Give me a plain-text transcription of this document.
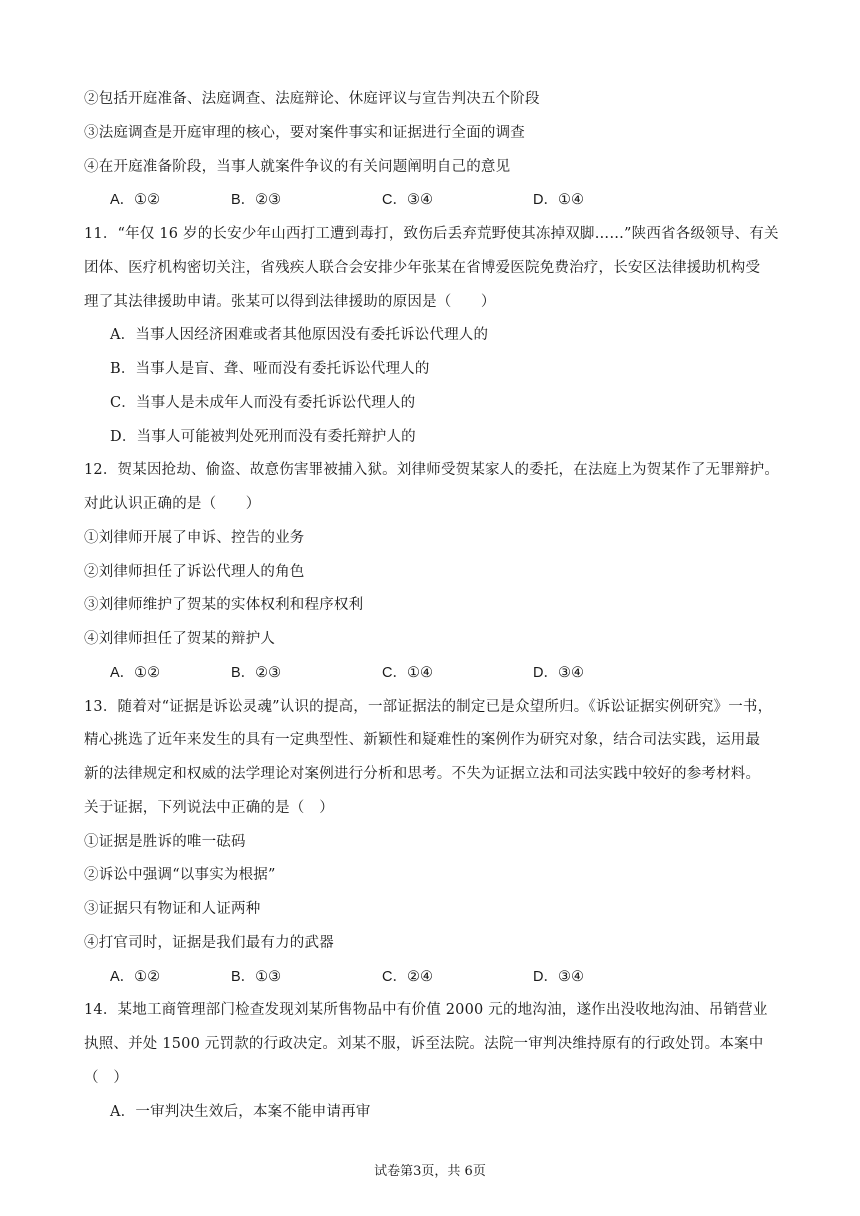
②包括开庭准备、法庭调查、法庭辩论、休庭评议与宣告判决五个阶段
③法庭调查是开庭审理的核心，要对案件事实和证据进行全面的调查
④在开庭准备阶段，当事人就案件争议的有关问题阐明自己的意见
A．①②	B．②③	C．③④	D．①④
11．“年仅 16 岁的长安少年山西打工遭到毒打，致伤后丢弃荒野使其冻掉双脚……”陕西省各级领导、有关
团体、医疗机构密切关注，省残疾人联合会安排少年张某在省博爱医院免费治疗，长安区法律援助机构受
理了其法律援助申请。张某可以得到法律援助的原因是（　　）
A．当事人因经济困难或者其他原因没有委托诉讼代理人的
B．当事人是盲、聋、哑而没有委托诉讼代理人的
C．当事人是未成年人而没有委托诉讼代理人的
D．当事人可能被判处死刑而没有委托辩护人的
12．贺某因抢劫、偷盗、故意伤害罪被捕入狱。刘律师受贺某家人的委托，在法庭上为贺某作了无罪辩护。
对此认识正确的是（　　）
①刘律师开展了申诉、控告的业务
②刘律师担任了诉讼代理人的角色
③刘律师维护了贺某的实体权利和程序权利
④刘律师担任了贺某的辩护人
A．①②	B．②③	C．①④	D．③④
13．随着对“证据是诉讼灵魂”认识的提高，一部证据法的制定已是众望所归。《诉讼证据实例研究》一书，
精心挑选了近年来发生的具有一定典型性、新颖性和疑难性的案例作为研究对象，结合司法实践，运用最
新的法律规定和权威的法学理论对案例进行分析和思考。不失为证据立法和司法实践中较好的参考材料。
关于证据，下列说法中正确的是（　）
①证据是胜诉的唯一砝码
②诉讼中强调“以事实为根据”
③证据只有物证和人证两种
④打官司时，证据是我们最有力的武器
A．①②	B．①③	C．②④	D．③④
14．某地工商管理部门检查发现刘某所售物品中有价值 2000 元的地沟油，遂作出没收地沟油、吊销营业
执照、并处 1500 元罚款的行政决定。刘某不服，诉至法院。法院一审判决维持原有的行政处罚。本案中
（　）
A．一审判决生效后，本案不能申请再审
试卷第3页，共 6页
